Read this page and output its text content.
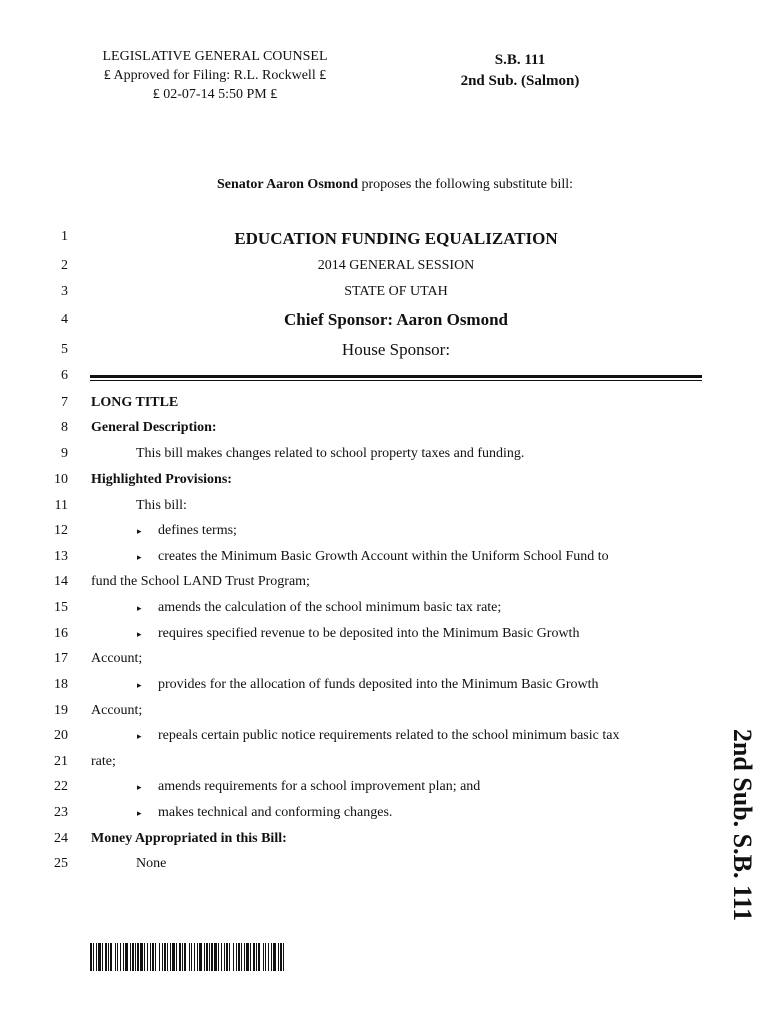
LEGISLATIVE GENERAL COUNSEL
₤ Approved for Filing: R.L. Rockwell ₤
₤ 02-07-14 5:50 PM ₤
S.B. 111
2nd Sub. (Salmon)
Senator Aaron Osmond proposes the following substitute bill:
1	EDUCATION FUNDING EQUALIZATION
2	2014 GENERAL SESSION
3	STATE OF UTAH
4	Chief Sponsor: Aaron Osmond
5	House Sponsor:
6
7 LONG TITLE
8 General Description:
9	This bill makes changes related to school property taxes and funding.
10 Highlighted Provisions:
11	This bill:
12	▸ defines terms;
13	▸ creates the Minimum Basic Growth Account within the Uniform School Fund to
14 fund the School LAND Trust Program;
15	▸ amends the calculation of the school minimum basic tax rate;
16	▸ requires specified revenue to be deposited into the Minimum Basic Growth
17 Account;
18	▸ provides for the allocation of funds deposited into the Minimum Basic Growth
19 Account;
20	▸ repeals certain public notice requirements related to the school minimum basic tax
21 rate;
22	▸ amends requirements for a school improvement plan; and
23	▸ makes technical and conforming changes.
24 Money Appropriated in this Bill:
25	None	2nd Sub. S.B. 111
